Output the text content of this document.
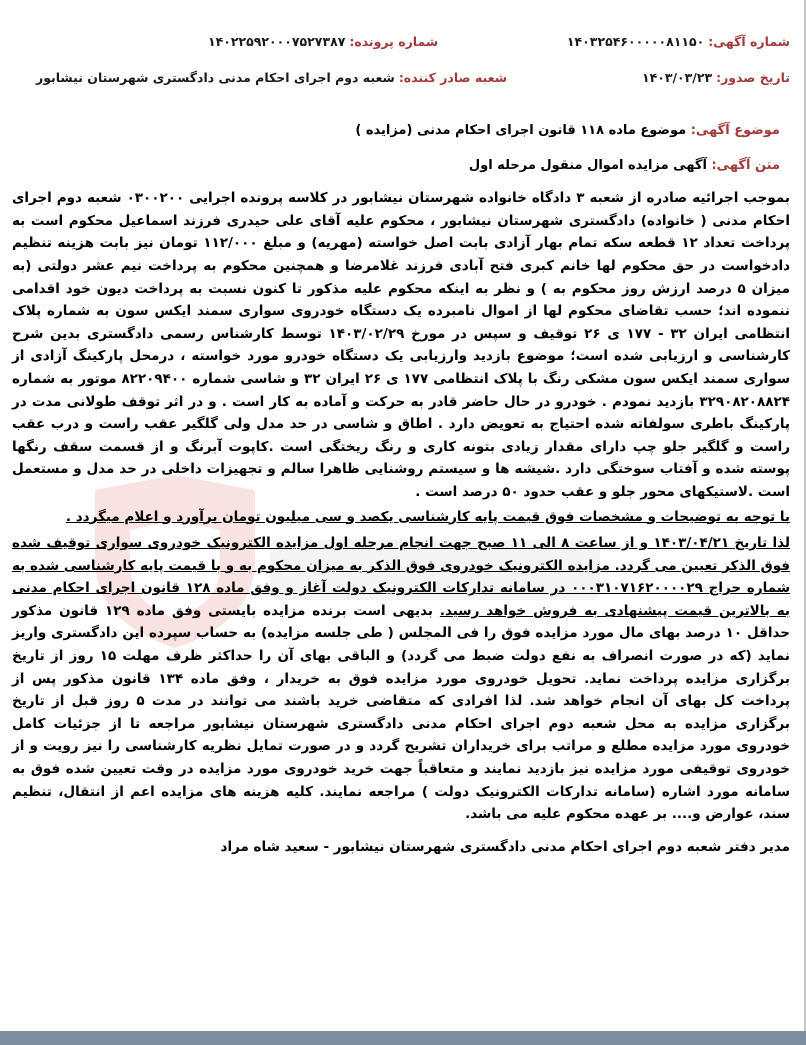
شماره آگهی: ۱۴۰۳۲۵۴۶۰۰۰۰۰۸۱۱۵۰
شماره پرونده: ۱۴۰۲۲۵۹۲۰۰۰۷۵۲۷۳۸۷
تاریخ صدور: ۱۴۰۳/۰۳/۲۳
شعبه صادر کننده: شعبه دوم اجرای احکام مدنی دادگستری شهرستان نیشابور
موضوع آگهی: موضوع ماده ۱۱۸ قانون اجرای احکام مدنی (مزایده )
متن آگهی: آگهی مزایده اموال منقول مرحله اول

بموجب اجرائیه صادره از شعبه ۳ دادگاه خانواده شهرستان نیشابور در کلاسه پرونده اجرایی ۰۳۰۰۲۰۰ شعبه دوم اجرای احکام مدنی ( خانواده) دادگستری شهرستان نیشابور ، محکوم علیه آقای علی حیدری فرزند اسماعیل محکوم است به پرداخت تعداد ۱۲ قطعه سکه تمام بهار آزادی بابت اصل خواسته (مهریه) و مبلغ ۱۱۲/۰۰۰ تومان نیز بابت هزینه تنظیم دادخواست در حق محکوم لها خانم کبری فتح آبادی فرزند غلامرضا و همچنین محکوم به پرداخت نیم عشر دولتی (به میزان ۵ درصد ارزش روز محکوم به ) و نظر به اینکه محکوم علیه مذکور تا کنون نسبت به پرداخت دیون خود اقدامی ننموده اند؛ حسب تقاضای محکوم لها از اموال نامبرده یک دستگاه خودروی سواری سمند ایکس سون به شماره پلاک انتظامی ایران ۳۲ - ۱۷۷ ی ۲۶ توقیف و سپس در مورخ ۱۴۰۳/۰۲/۲۹ توسط کارشناس رسمی دادگستری بدین شرح کارشناسی و ارزیابی شده است؛ موضوع بازدید وارزیابی یک دستگاه خودرو مورد خواسته ، درمحل پارکینگ آزادی از سواری سمند ایکس سون مشکی رنگ با پلاک انتظامی ۱۷۷ ی ۲۶ ایران ۳۲ و شاسی شماره ۸۲۲۰۹۴۰۰ موتور به شماره ۳۲۹۰۸۲۰۸۸۲۴ بازدید نمودم . خودرو در حال حاضر قادر به حرکت و آماده به کار است . و در اثر توقف طولانی مدت در پارکینگ باطری سولفاته شده احتیاج به تعویض دارد . اطاق و شاسی در حد مدل ولی گلگیر عقب راست و درب عقب راست و گلگیر جلو چپ دارای مقدار زیادی بتونه کاری و رنگ ریختگی است .کاپوت آبرنگ و از قسمت سقف رنگها پوسته شده و آفتاب سوختگی دارد .شیشه ها و سیستم روشنایی ظاهرا سالم و تجهیزات داخلی در حد مدل و مستعمل است .لاستیکهای محور جلو و عقب حدود ۵۰ درصد است .

با توجه به توضیحات و مشخصات فوق قیمت پایه کارشناسی یکصد و سی میلیون تومان برآورد و اعلام میگردد .

لذا تاریخ ۱۴۰۳/۰۴/۲۱ و از ساعت ۸ الی ۱۱ صبح جهت انجام مرحله اول مزایده الکترونیک خودروی سواری توقیف شده فوق الذکر تعیین می گردد. مزایده الکترونیک خودروی فوق الذکر به میزان محکوم به و با قیمت پایه کارشناسی شده به شماره حراج ۰۰۰۳۱۰۷۱۶۲۰۰۰۰۲۹ در سامانه تدارکات الکترونیک دولت آغاز و وفق ماده ۱۲۸ قانون اجرای احکام مدنی به بالاترین قیمت پیشنهادی به فروش خواهد رسید. بدیهی است برنده مزایده بایستی وفق ماده ۱۲۹ قانون مذکور حداقل ۱۰ درصد بهای مال مورد مزایده فوق را فی المجلس ( طی جلسه مزایده) به حساب سپرده این دادگستری واریز نماید (که در صورت انصراف به نفع دولت ضبط می گردد) و الباقی بهای آن را حداکثر ظرف مهلت ۱۵ روز از تاریخ برگزاری مزایده پرداخت نماید. تحویل خودروی مورد مزایده فوق به خریدار ، وفق ماده ۱۳۴ قانون مذکور پس از پرداخت کل بهای آن انجام خواهد شد. لذا افرادی که متقاضی خرید باشند می توانند در مدت ۵ روز قبل از تاریخ برگزاری مزایده به محل شعبه دوم اجرای احکام مدنی دادگستری شهرستان نیشابور مراجعه تا از جزئیات کامل خودروی مورد مزایده مطلع و مراتب برای خریداران تشریح گردد و در صورت تمایل نظریه کارشناسی را نیز رویت و از خودروی توقیفی مورد مزایده نیز بازدید نمایند و متعاقباً جهت خرید خودروی مورد مزایده در وقت تعیین شده فوق به سامانه مورد اشاره (سامانه تدارکات الکترونیک دولت ) مراجعه نمایند. کلیه هزینه های مزایده اعم از انتقال، تنظیم سند، عوارض و.... بر عهده محکوم علیه می باشد.

مدیر دفتر شعبه دوم اجرای احکام مدنی دادگستری شهرستان نیشابور - سعید شاه مراد
